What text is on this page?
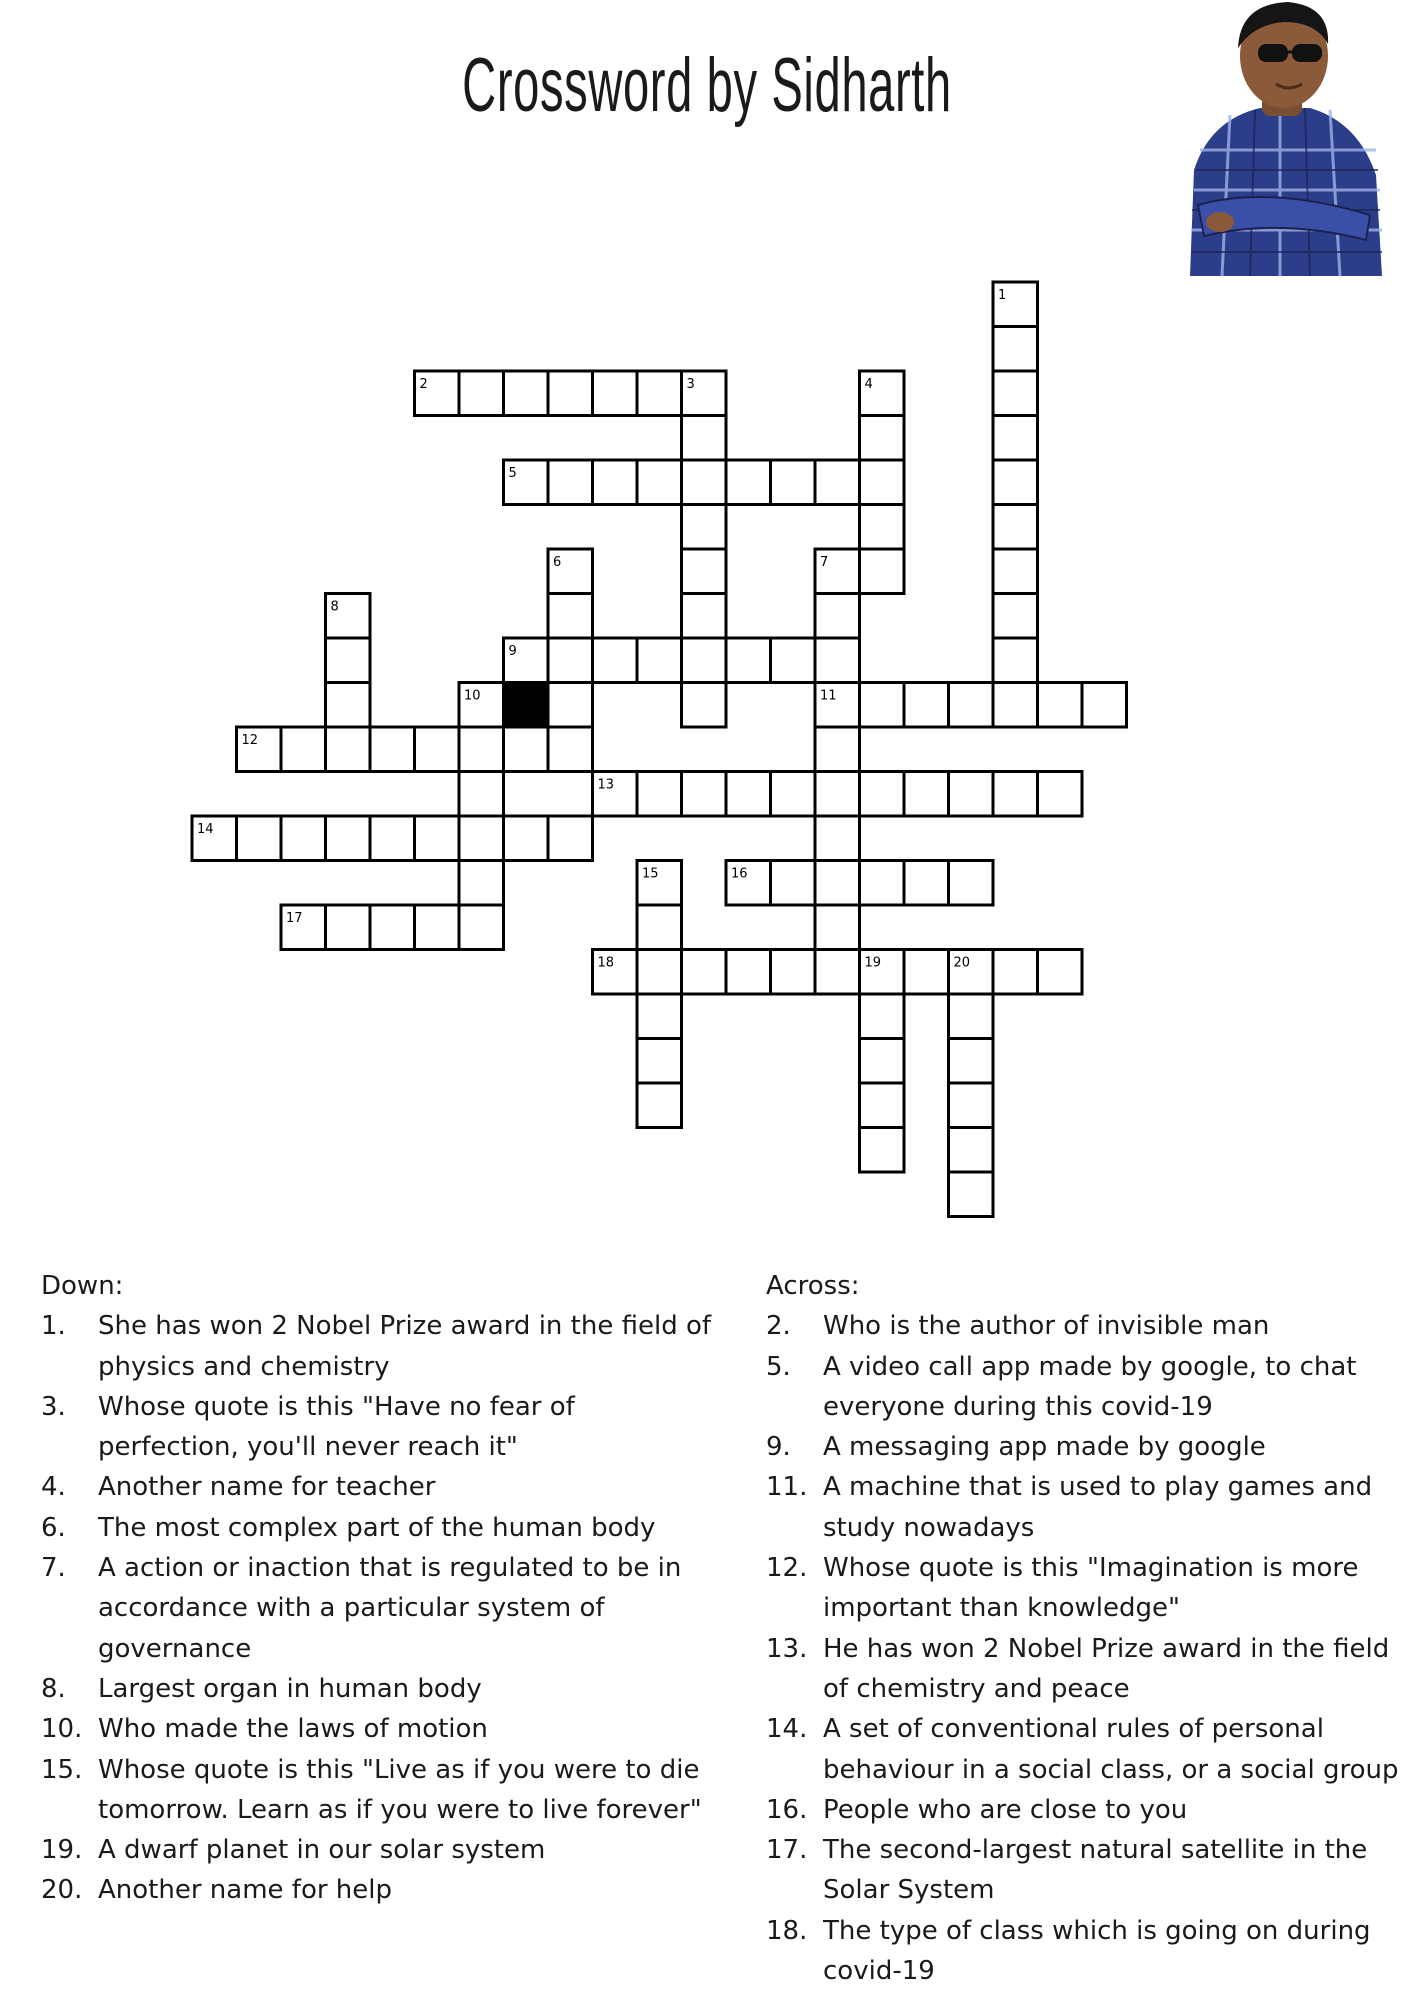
Crossword by Sidharth
1
2	3	4
5
6	7
8
9
10	11
12
13
14
15	16
17
18	19	20

Down:

1. She has won 2 Nobel Prize award in the field of physics and chemistry

3. Whose quote is this "Have no fear of perfection, you'll never reach it"

4. Another name for teacher

6. The most complex part of the human body

7. A action or inaction that is regulated to be in accordance with a particular system of governance

8. Largest organ in human body

10. Who made the laws of motion

15. Whose quote is this "Live as if you were to die tomorrow. Learn as if you were to live forever"

19. A dwarf planet in our solar system

20. Another name for help

Across:

2. Who is the author of invisible man

5. A video call app made by google, to chat everyone during this covid-19

9. A messaging app made by google

11. A machine that is used to play games and study nowadays

12. Whose quote is this "Imagination is more important than knowledge"

13. He has won 2 Nobel Prize award in the field of chemistry and peace

14. A set of conventional rules of personal behaviour in a social class, or a social group

16. People who are close to you

17. The second-largest natural satellite in the Solar System

18. The type of class which is going on during covid-19
